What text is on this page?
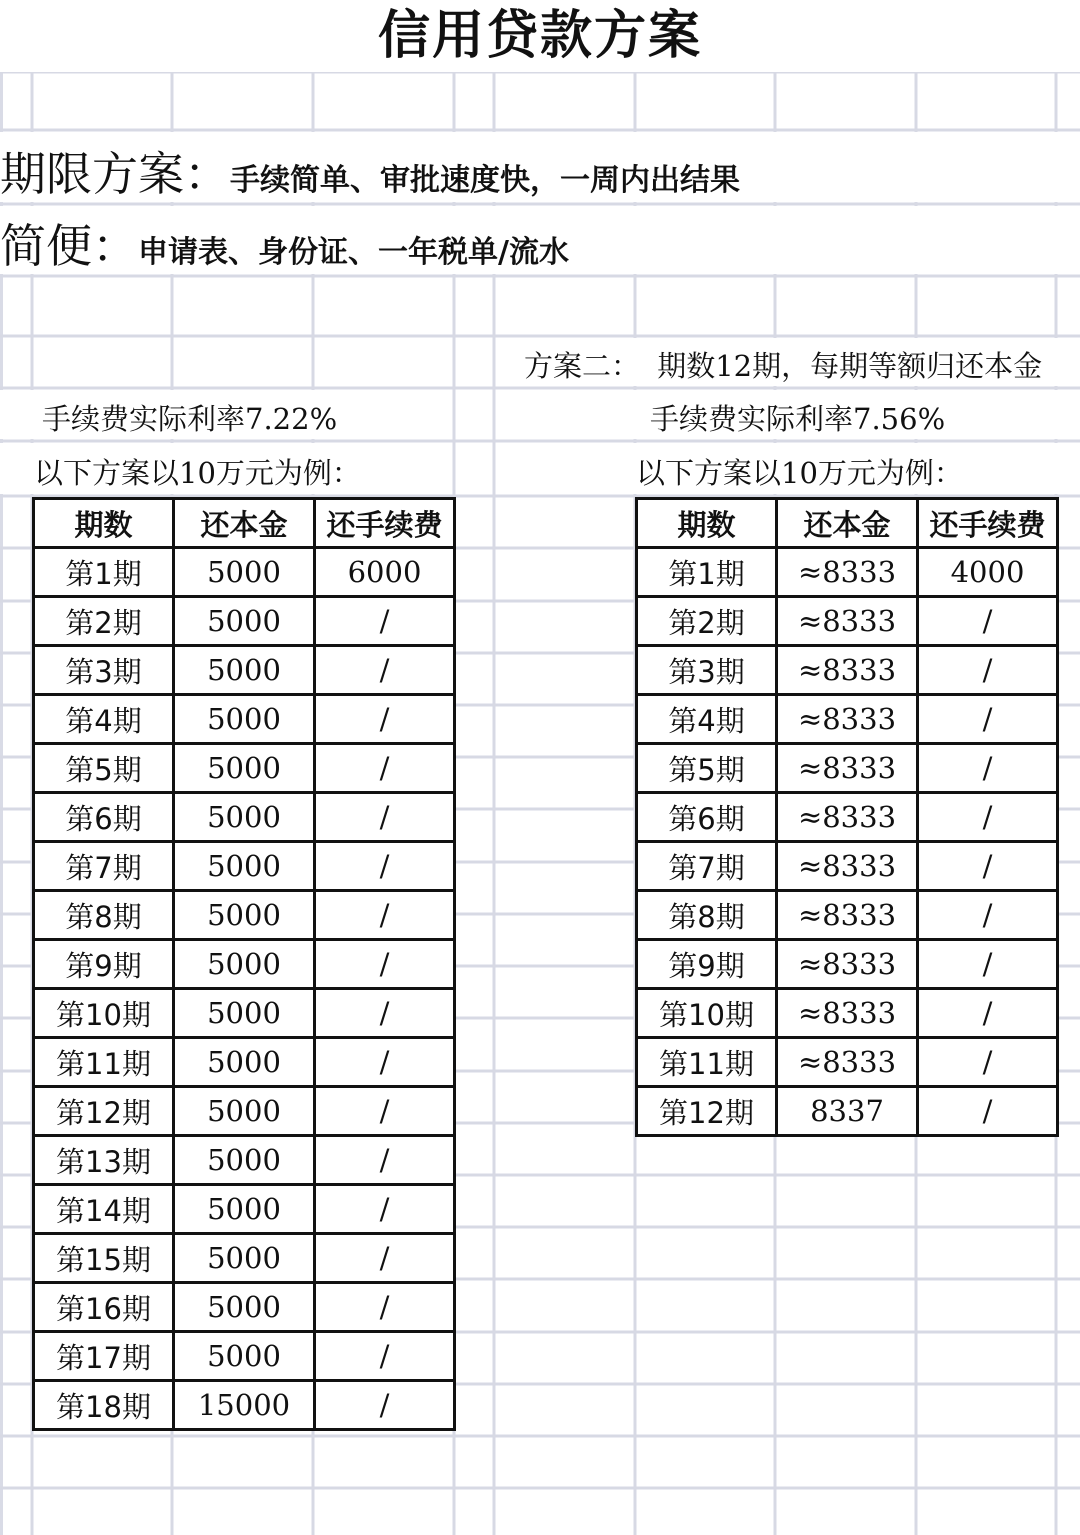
信用贷款方案
期限方案：手续简单、审批速度快，一周内出结果
简便：申请表、身份证、一年税单/流水
手续费实际利率7.22%
以下方案以10万元为例：
方案二： 期数12期，每期等额归还本金
手续费实际利率7.56%
以下方案以10万元为例：
期数	还本金	还手续费
第1期	5000	6000
第2期	5000	/
第3期	5000	/
第4期	5000	/
第5期	5000	/
第6期	5000	/
第7期	5000	/
第8期	5000	/
第9期	5000	/
第10期	5000	/
第11期	5000	/
第12期	5000	/
第13期	5000	/
第14期	5000	/
第15期	5000	/
第16期	5000	/
第17期	5000	/
第18期	15000	/
期数	还本金	还手续费
第1期	≈8333	4000
第2期	≈8333	/
第3期	≈8333	/
第4期	≈8333	/
第5期	≈8333	/
第6期	≈8333	/
第7期	≈8333	/
第8期	≈8333	/
第9期	≈8333	/
第10期	≈8333	/
第11期	≈8333	/
第12期	8337	/
